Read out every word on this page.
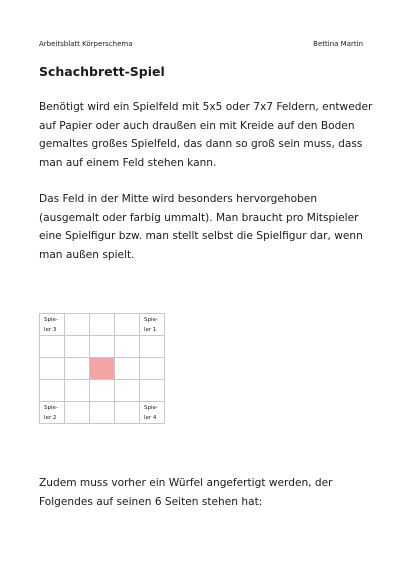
Arbeitsblatt Körperschema	Bettina Martin
Schachbrett-Spiel

Benötigt wird ein Spielfeld mit 5x5 oder 7x7 Feldern, entweder auf Papier oder auch draußen ein mit Kreide auf den Boden gemaltes großes Spielfeld, das dann so groß sein muss, dass man auf einem Feld stehen kann.

Das Feld in der Mitte wird besonders hervorgehoben (ausgemalt oder farbig ummalt). Man braucht pro Mitspieler eine Spielfigur bzw. man stellt selbst die Spielfigur dar, wenn man außen spielt.

Spie-ler 3				Spie-ler 1

Spie-ler 2				Spie-ler 4

Zudem muss vorher ein Würfel angefertigt werden, der Folgendes auf seinen 6 Seiten stehen hat:
